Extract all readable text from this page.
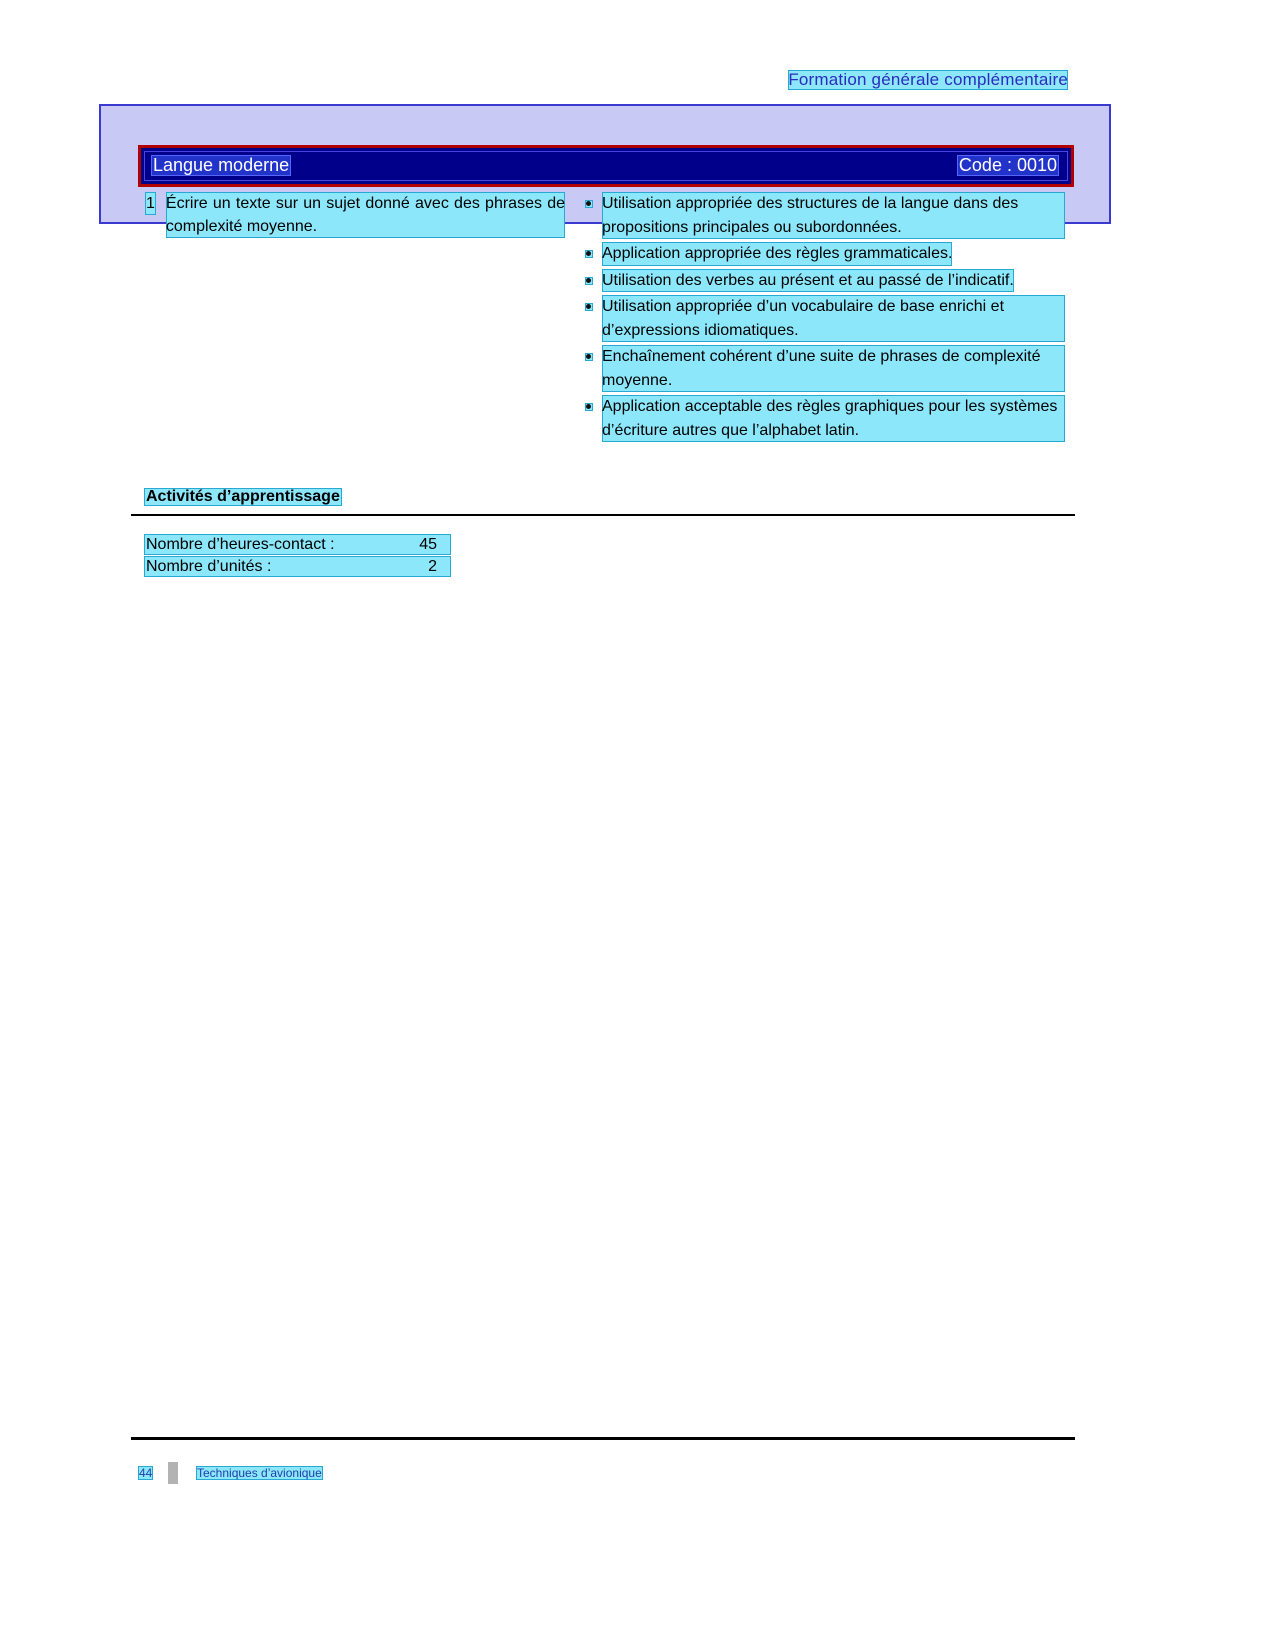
Formation générale complémentaire
Langue moderne	Code : 0010
1 Écrire un texte sur un sujet donné avec des phrases de complexité moyenne.
Utilisation appropriée des structures de la langue dans des propositions principales ou subordonnées.
Application appropriée des règles grammaticales.
Utilisation des verbes au présent et au passé de l’indicatif.
Utilisation appropriée d’un vocabulaire de base enrichi et d’expressions idiomatiques.
Enchaînement cohérent d’une suite de phrases de complexité moyenne.
Application acceptable des règles graphiques pour les systèmes d’écriture autres que l’alphabet latin.
Activités d’apprentissage
Nombre d’heures-contact :	45
Nombre d’unités :	2
44	Techniques d’avionique
